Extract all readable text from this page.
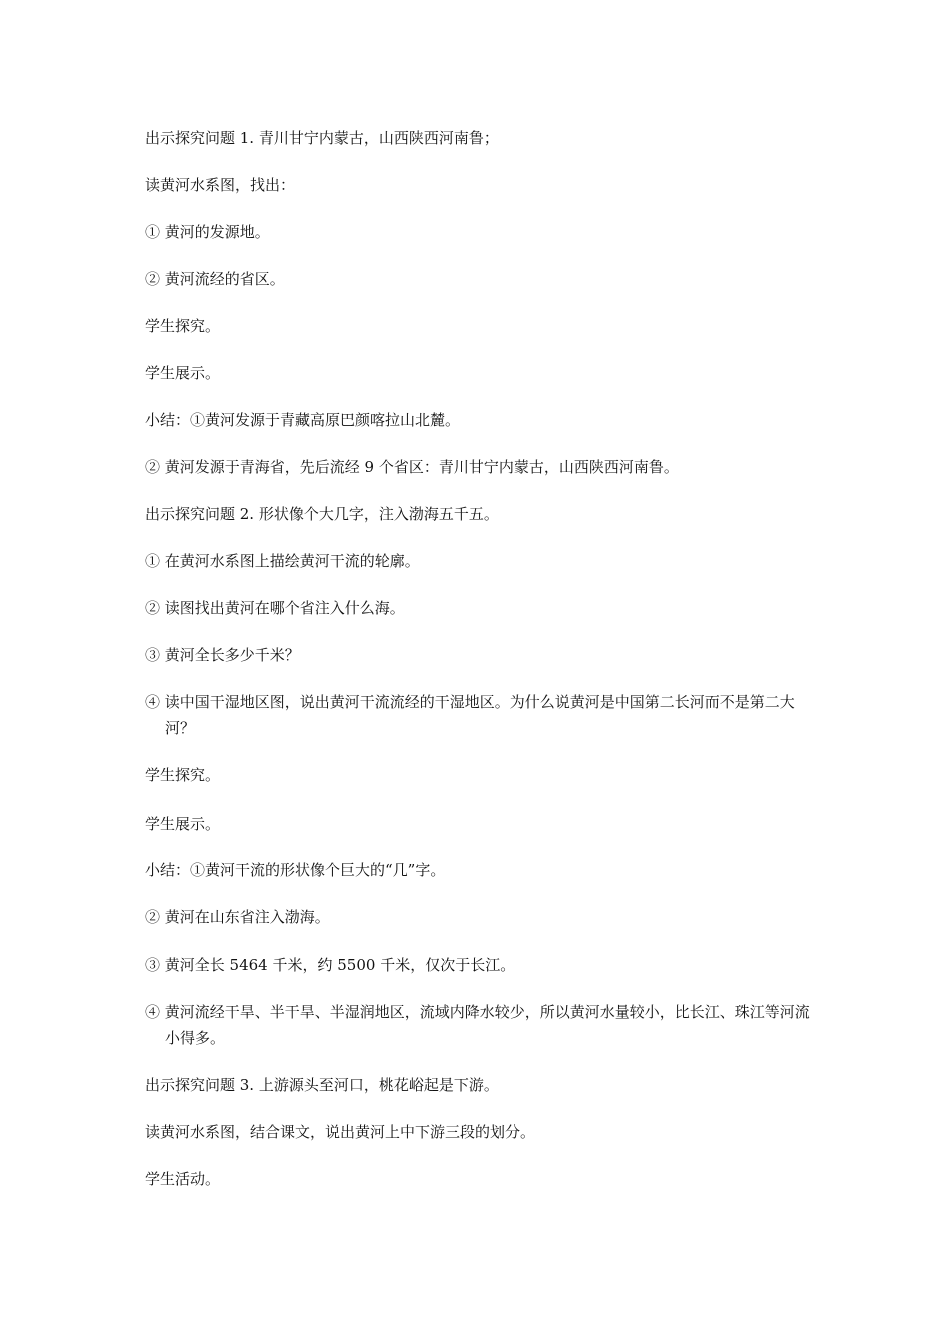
出示探究问题 1. 青川甘宁内蒙古，山西陕西河南鲁；
读黄河水系图，找出：
① 黄河的发源地。
② 黄河流经的省区。
学生探究。
学生展示。
小结：①黄河发源于青藏高原巴颜喀拉山北麓。
② 黄河发源于青海省，先后流经 9 个省区：青川甘宁内蒙古，山西陕西河南鲁。
出示探究问题 2. 形状像个大几字，注入渤海五千五。
① 在黄河水系图上描绘黄河干流的轮廓。
② 读图找出黄河在哪个省注入什么海。
③ 黄河全长多少千米？
④ 读中国干湿地区图，说出黄河干流流经的干湿地区。为什么说黄河是中国第二长河而不是第二大河？
学生探究。
学生展示。
小结：①黄河干流的形状像个巨大的“几”字。
② 黄河在山东省注入渤海。
③ 黄河全长 5464 千米，约 5500 千米，仅次于长江。
④ 黄河流经干旱、半干旱、半湿润地区，流域内降水较少，所以黄河水量较小，比长江、珠江等河流小得多。
出示探究问题 3. 上游源头至河口，桃花峪起是下游。
读黄河水系图，结合课文，说出黄河上中下游三段的划分。
学生活动。
